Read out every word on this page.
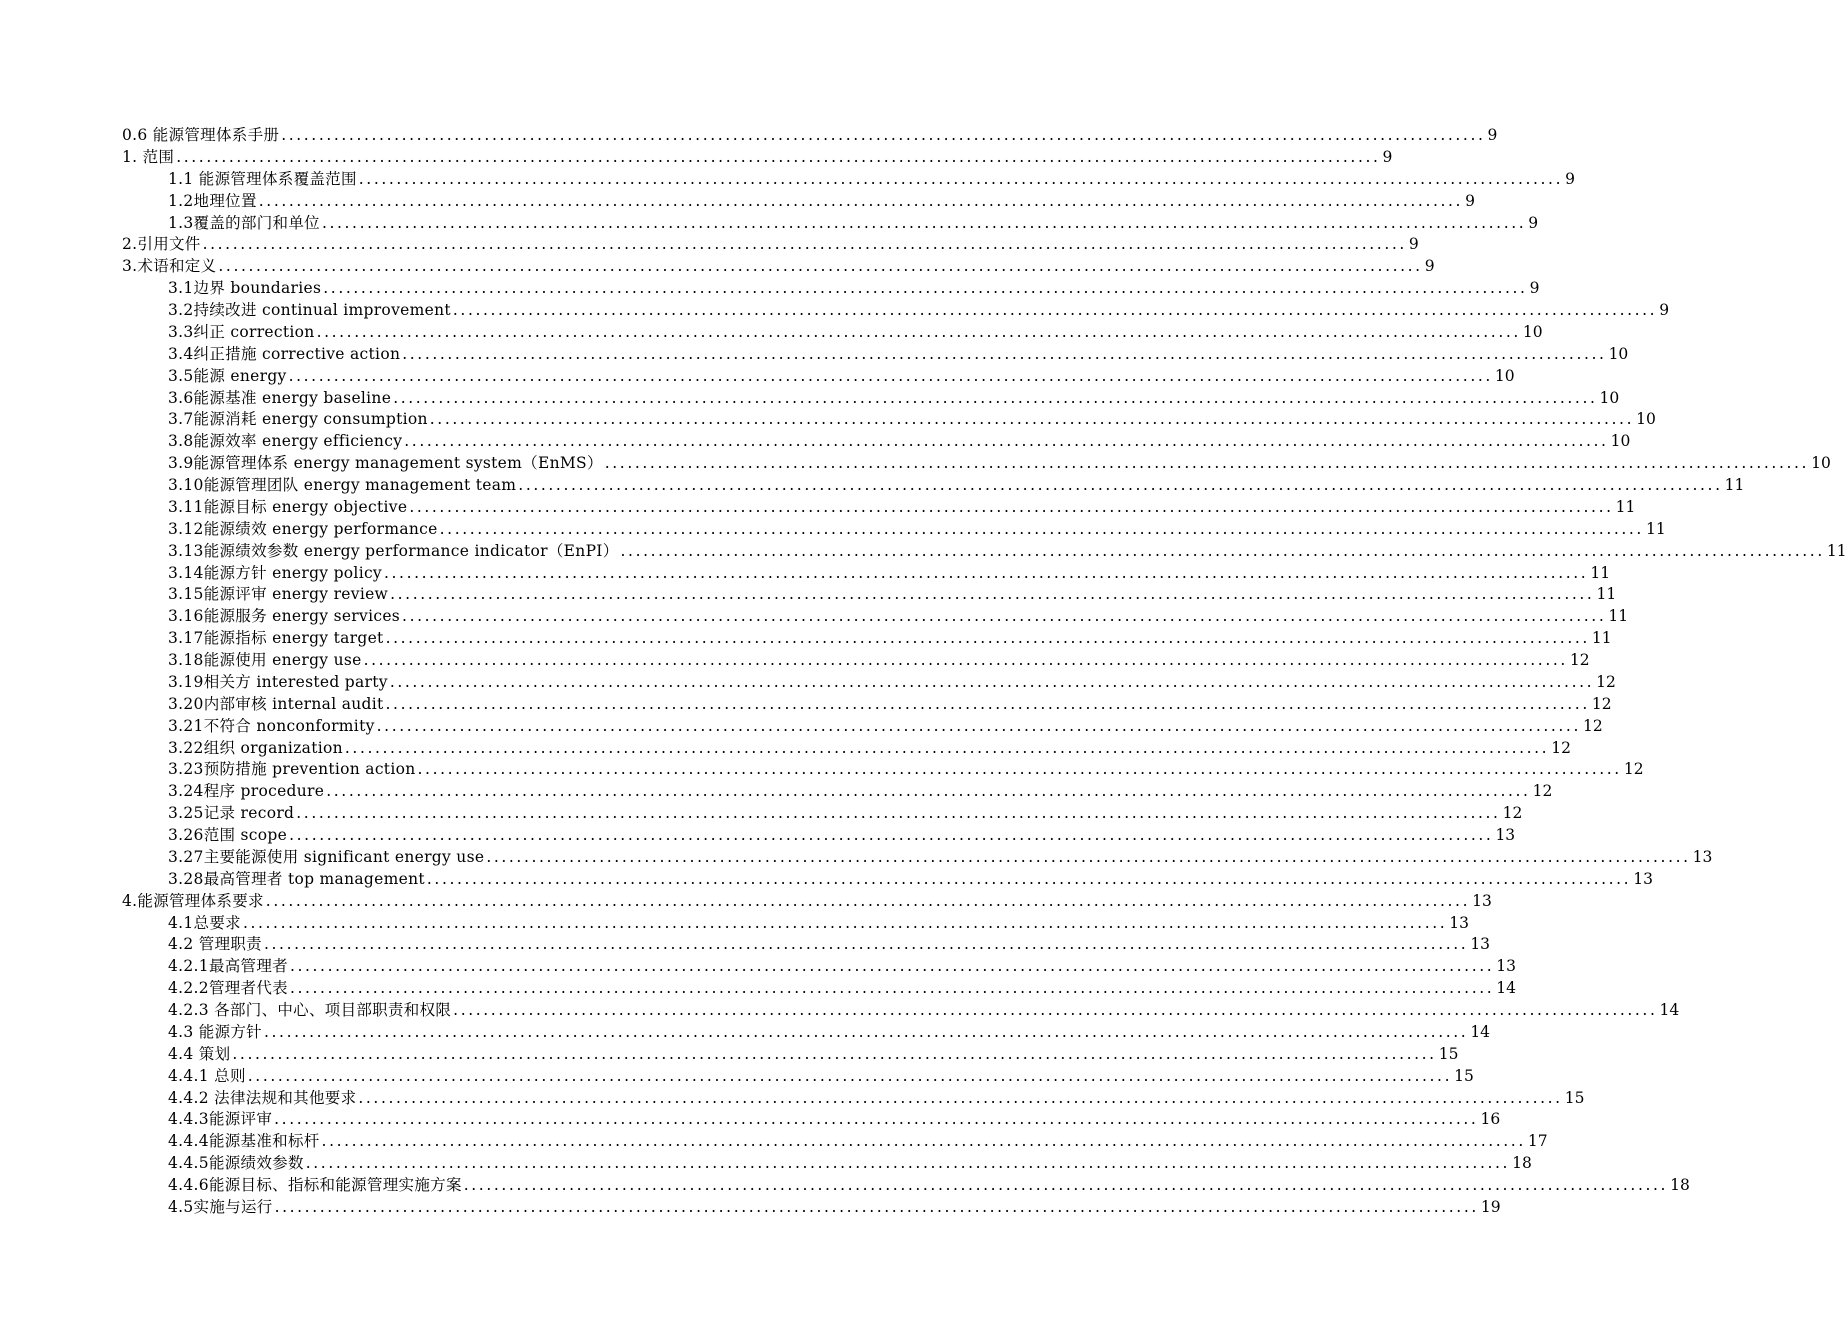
0.6 能源管理体系手册 ................................................................................................................................................................ 9
1. 范围 ................................................................................................................................................................ 9
1.1 能源管理体系覆盖范围 ................................................................................................................................................................ 9
1.2地理位置 ................................................................................................................................................................ 9
1.3覆盖的部门和单位 ................................................................................................................................................................ 9
2.引用文件 ................................................................................................................................................................ 9
3.术语和定义 ................................................................................................................................................................ 9
3.1边界 boundaries ................................................................................................................................................................ 9
3.2持续改进 continual improvement ................................................................................................................................................................ 9
3.3纠正 correction ................................................................................................................................................................ 10
3.4纠正措施 corrective action ................................................................................................................................................................ 10
3.5能源 energy ................................................................................................................................................................ 10
3.6能源基准 energy baseline ................................................................................................................................................................ 10
3.7能源消耗 energy consumption ................................................................................................................................................................ 10
3.8能源效率 energy efficiency ................................................................................................................................................................ 10
3.9能源管理体系 energy management system（EnMS） ................................................................................................................................................................ 10
3.10能源管理团队 energy management team ................................................................................................................................................................ 11
3.11能源目标 energy objective ................................................................................................................................................................ 11
3.12能源绩效 energy performance ................................................................................................................................................................ 11
3.13能源绩效参数 energy performance indicator（EnPI） ................................................................................................................................................................ 11
3.14能源方针 energy policy ................................................................................................................................................................ 11
3.15能源评审 energy review ................................................................................................................................................................ 11
3.16能源服务 energy services ................................................................................................................................................................ 11
3.17能源指标 energy target ................................................................................................................................................................ 11
3.18能源使用 energy use ................................................................................................................................................................ 12
3.19相关方 interested party ................................................................................................................................................................ 12
3.20内部审核 internal audit ................................................................................................................................................................ 12
3.21不符合 nonconformity ................................................................................................................................................................ 12
3.22组织 organization ................................................................................................................................................................ 12
3.23预防措施 prevention action ................................................................................................................................................................ 12
3.24程序 procedure ................................................................................................................................................................ 12
3.25记录 record ................................................................................................................................................................ 12
3.26范围 scope ................................................................................................................................................................ 13
3.27主要能源使用 significant energy use ................................................................................................................................................................ 13
3.28最高管理者 top management ................................................................................................................................................................ 13
4.能源管理体系要求 ................................................................................................................................................................ 13
4.1总要求 ................................................................................................................................................................ 13
4.2 管理职责 ................................................................................................................................................................ 13
4.2.1最高管理者 ................................................................................................................................................................ 13
4.2.2管理者代表 ................................................................................................................................................................ 14
4.2.3 各部门、中心、项目部职责和权限 ................................................................................................................................................................ 14
4.3 能源方针 ................................................................................................................................................................ 14
4.4 策划 ................................................................................................................................................................ 15
4.4.1 总则 ................................................................................................................................................................ 15
4.4.2 法律法规和其他要求 ................................................................................................................................................................ 15
4.4.3能源评审 ................................................................................................................................................................ 16
4.4.4能源基准和标杆 ................................................................................................................................................................ 17
4.4.5能源绩效参数 ................................................................................................................................................................ 18
4.4.6能源目标、指标和能源管理实施方案 ................................................................................................................................................................ 18
4.5实施与运行 ................................................................................................................................................................ 19
